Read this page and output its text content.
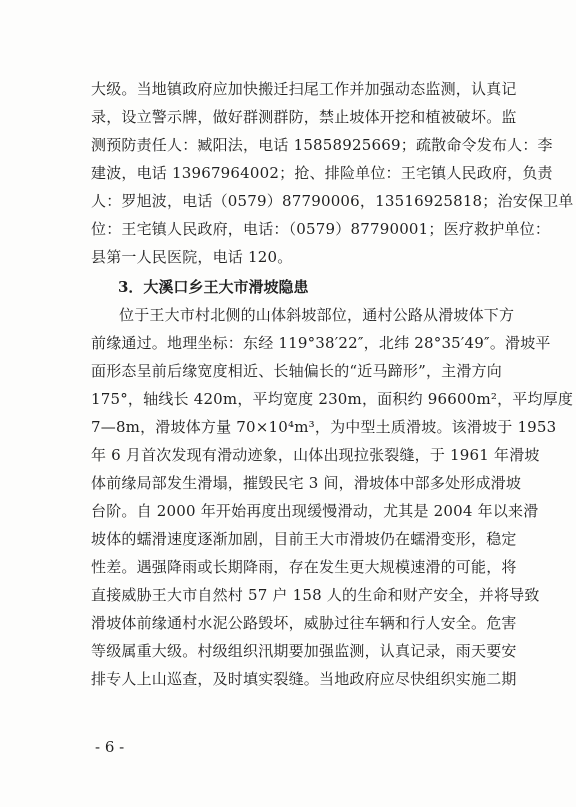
大级。当地镇政府应加快搬迁扫尾工作并加强动态监测，认真记
录，设立警示牌，做好群测群防，禁止坡体开挖和植被破坏。监
测预防责任人：臧阳法，电话 15858925669；疏散命令发布人：李
建波，电话 13967964002；抢、排险单位：王宅镇人民政府，负责
人：罗旭波，电话（0579）87790006，13516925818；治安保卫单
位：王宅镇人民政府，电话：（0579）87790001；医疗救护单位：
县第一人民医院，电话 120。
3．大溪口乡王大市滑坡隐患
位于王大市村北侧的山体斜坡部位，通村公路从滑坡体下方
前缘通过。地理坐标：东经 119°38′22″，北纬 28°35′49″。滑坡平
面形态呈前后缘宽度相近、长轴偏长的“近马蹄形”，主滑方向
175°，轴线长 420m，平均宽度 230m，面积约 96600m²，平均厚度
7—8m，滑坡体方量 70×10⁴m³，为中型土质滑坡。该滑坡于 1953
年 6 月首次发现有滑动迹象，山体出现拉张裂缝，于 1961 年滑坡
体前缘局部发生滑塌，摧毁民宅 3 间，滑坡体中部多处形成滑坡
台阶。自 2000 年开始再度出现缓慢滑动，尤其是 2004 年以来滑
坡体的蠕滑速度逐渐加剧，目前王大市滑坡仍在蠕滑变形，稳定
性差。遇强降雨或长期降雨，存在发生更大规模速滑的可能，将
直接威胁王大市自然村 57 户 158 人的生命和财产安全，并将导致
滑坡体前缘通村水泥公路毁坏，威胁过往车辆和行人安全。危害
等级属重大级。村级组织汛期要加强监测，认真记录，雨天要安
排专人上山巡查，及时填实裂缝。当地政府应尽快组织实施二期
- 6 -
